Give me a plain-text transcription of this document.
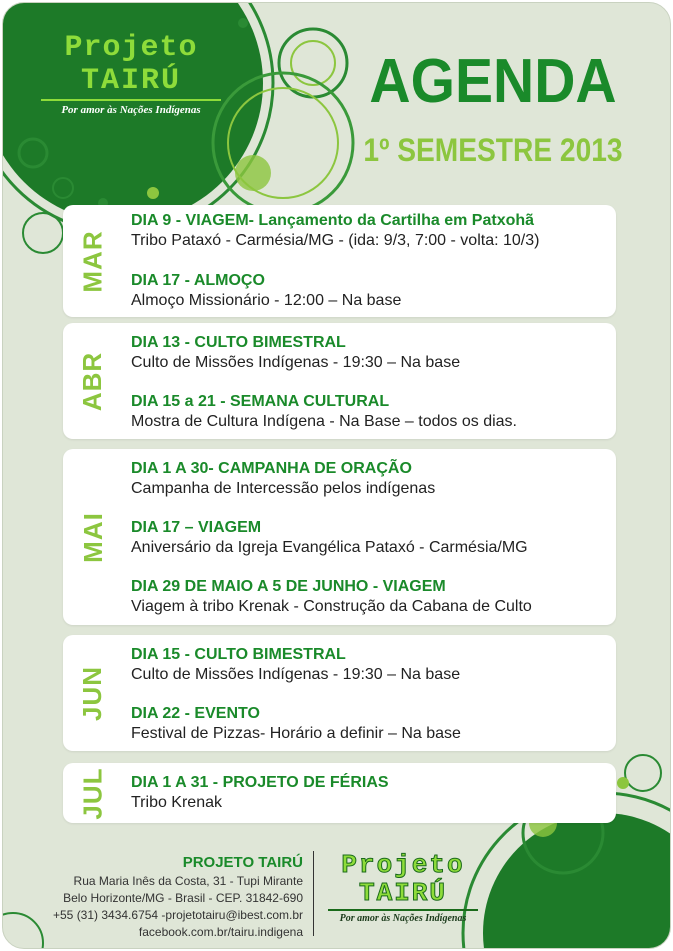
Projeto
TAIRÚ
Por amor às Nações Indígenas	AGENDA
1º SEMESTRE 2013
MAR
DIA 9 - VIAGEM- Lançamento da Cartilha em Patxohã
Tribo Pataxó - Carmésia/MG - (ida: 9/3, 7:00 - volta: 10/3)
DIA 17 - ALMOÇO
Almoço Missionário - 12:00 – Na base
ABR
DIA 13 - CULTO BIMESTRAL
Culto de Missões Indígenas - 19:30 – Na base
DIA 15 a 21 - SEMANA CULTURAL
Mostra de Cultura Indígena - Na Base – todos os dias.
MAI
DIA 1 A 30- CAMPANHA DE ORAÇÃO
Campanha de Intercessão pelos indígenas
DIA 17 – VIAGEM
Aniversário da Igreja Evangélica Pataxó - Carmésia/MG
DIA 29 DE MAIO A 5 DE JUNHO - VIAGEM
Viagem à tribo Krenak - Construção da Cabana de Culto
JUN
DIA 15 - CULTO BIMESTRAL
Culto de Missões Indígenas - 19:30 – Na base
DIA 22 - EVENTO
Festival de Pizzas- Horário a definir – Na base
JUL DIA 1 A 31 - PROJETO DE FÉRIAS
Tribo Krenak
PROJETO TAIRÚ
Rua Maria Inês da Costa, 31 - Tupi Mirante
Belo Horizonte/MG - Brasil - CEP. 31842-690
+55 (31) 3434.6754 -projetotairu@ibest.com.br
facebook.com.br/tairu.indigena
Projeto
TAIRÚ
Por amor às Nações Indígenas
